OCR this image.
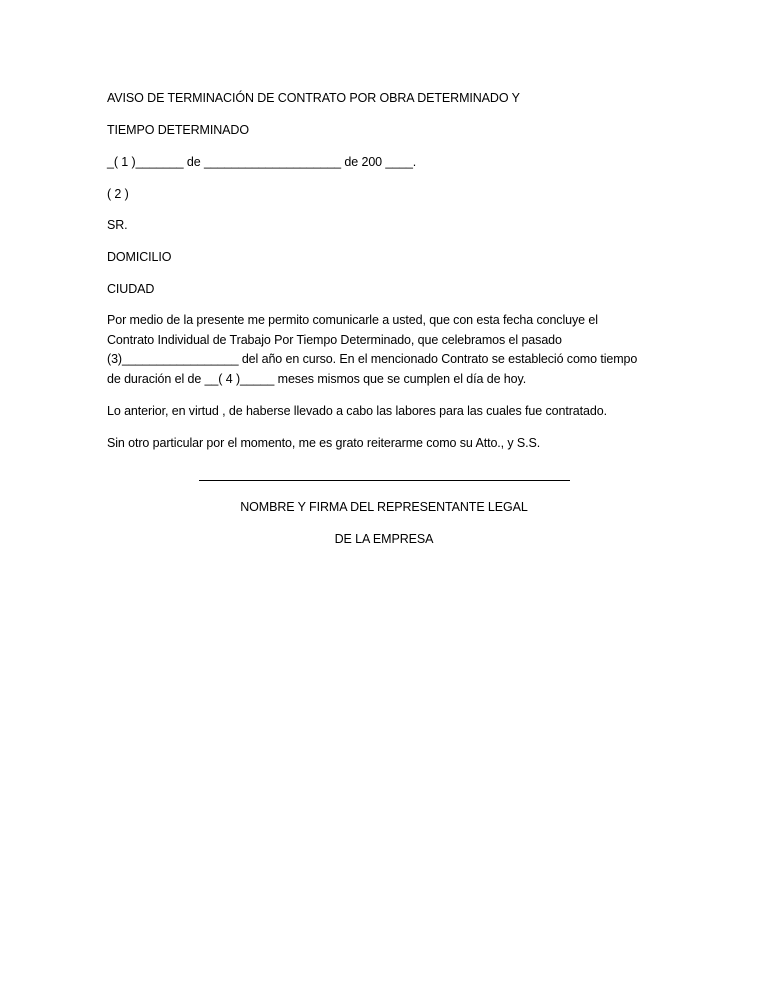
AVISO DE TERMINACIÓN DE CONTRATO POR OBRA DETERMINADO Y
TIEMPO DETERMINADO
_( 1 )_______ de ____________________ de 200 ____.
( 2 )
SR.
DOMICILIO
CIUDAD
Por medio de la presente me permito comunicarle a usted, que con esta fecha concluye el
Contrato Individual de Trabajo Por Tiempo Determinado, que celebramos el pasado
(3)_________________ del año en curso. En el mencionado Contrato se estableció como tiempo
de duración el de __( 4 )_____ meses mismos que se cumplen el día de hoy.
Lo anterior, en virtud , de haberse llevado a cabo las labores para las cuales fue contratado.
Sin otro particular por el momento, me es grato reiterarme como su Atto., y S.S.
NOMBRE Y FIRMA DEL REPRESENTANTE LEGAL
DE LA EMPRESA
